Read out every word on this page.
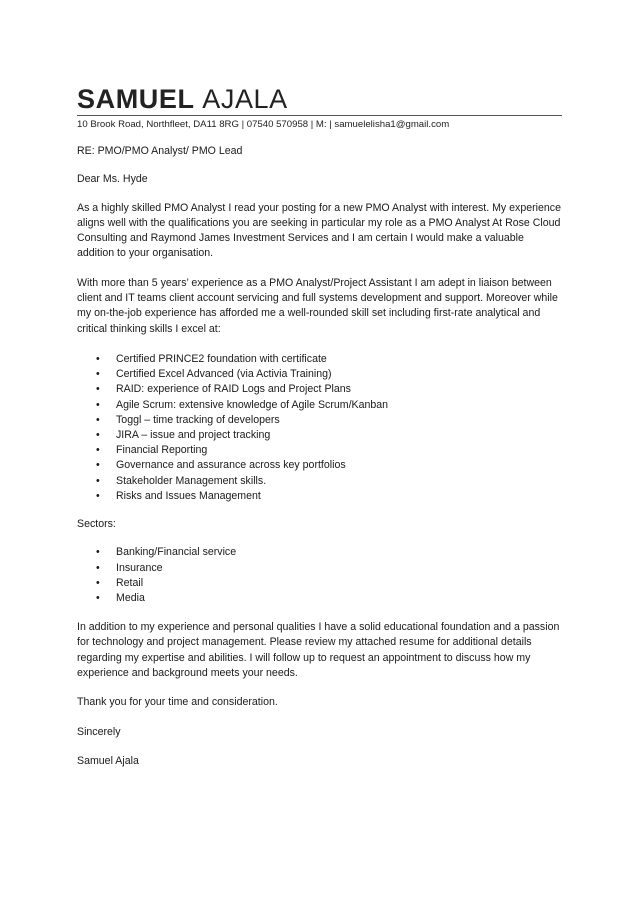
SAMUEL AJALA
10 Brook Road, Northfleet, DA11 8RG | 07540 570958 | M: | samuelelisha1@gmail.com

RE: PMO/PMO Analyst/ PMO Lead

Dear Ms. Hyde

As a highly skilled PMO Analyst I read your posting for a new PMO Analyst with interest. My experience aligns well with the qualifications you are seeking in particular my role as a PMO Analyst At Rose Cloud Consulting and Raymond James Investment Services and I am certain I would make a valuable addition to your organisation.

With more than 5 years’ experience as a PMO Analyst/Project Assistant I am adept in liaison between client and IT teams client account servicing and full systems development and support. Moreover while my on-the-job experience has afforded me a well-rounded skill set including first-rate analytical and critical thinking skills I excel at:

• Certified PRINCE2 foundation with certificate
• Certified Excel Advanced (via Activia Training)
• RAID: experience of RAID Logs and Project Plans
• Agile Scrum: extensive knowledge of Agile Scrum/Kanban
• Toggl – time tracking of developers
• JIRA – issue and project tracking
• Financial Reporting
• Governance and assurance across key portfolios
• Stakeholder Management skills.
• Risks and Issues Management

Sectors:

• Banking/Financial service
• Insurance
• Retail
• Media

In addition to my experience and personal qualities I have a solid educational foundation and a passion for technology and project management. Please review my attached resume for additional details regarding my expertise and abilities. I will follow up to request an appointment to discuss how my experience and background meets your needs.

Thank you for your time and consideration.

Sincerely

Samuel Ajala
